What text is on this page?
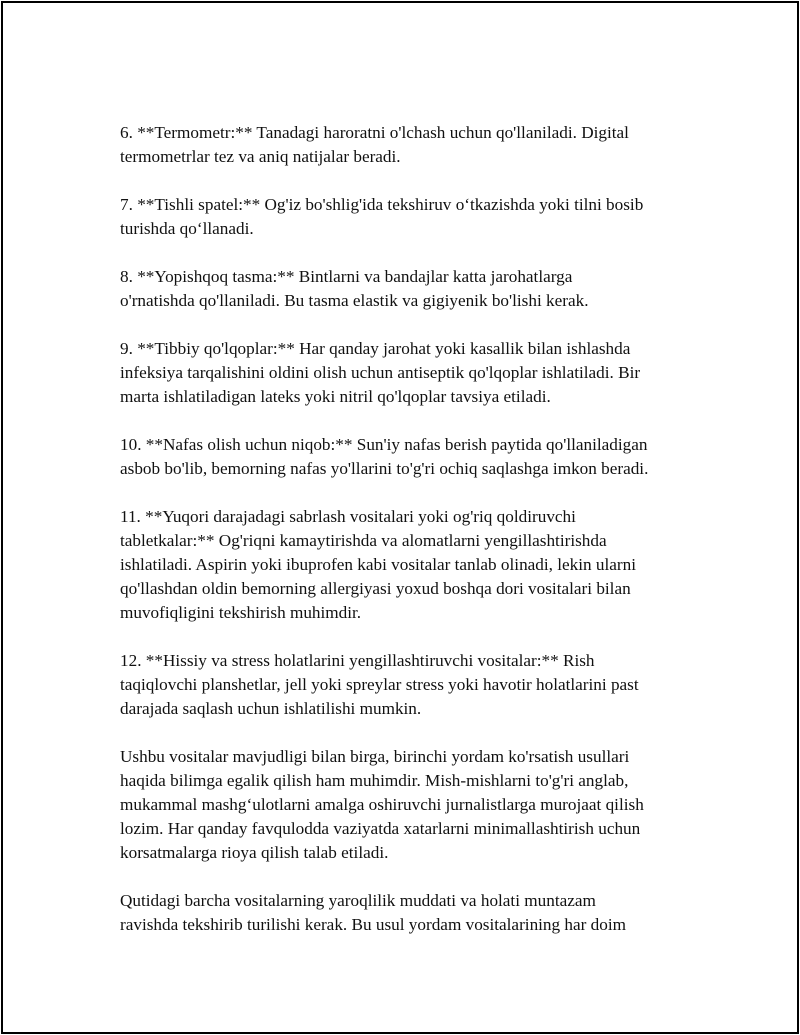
6. **Termometr:** Tanadagi haroratni o'lchash uchun qo'llaniladi. Digital
termometrlar tez va aniq natijalar beradi.

7. **Tishli spatel:** Og'iz bo'shlig'ida tekshiruv o‘tkazishda yoki tilni bosib
turishda qo‘llanadi.

8. **Yopishqoq tasma:** Bintlarni va bandajlar katta jarohatlarga
o'rnatishda qo'llaniladi. Bu tasma elastik va gigiyenik bo'lishi kerak.

9. **Tibbiy qo'lqoplar:** Har qanday jarohat yoki kasallik bilan ishlashda
infeksiya tarqalishini oldini olish uchun antiseptik qo'lqoplar ishlatiladi. Bir
marta ishlatiladigan lateks yoki nitril qo'lqoplar tavsiya etiladi.

10. **Nafas olish uchun niqob:** Sun'iy nafas berish paytida qo'llaniladigan
asbob bo'lib, bemorning nafas yo'llarini to'g'ri ochiq saqlashga imkon beradi.

11. **Yuqori darajadagi sabrlash vositalari yoki og'riq qoldiruvchi
tabletkalar:** Og'riqni kamaytirishda va alomatlarni yengillashtirishda
ishlatiladi. Aspirin yoki ibuprofen kabi vositalar tanlab olinadi, lekin ularni
qo'llashdan oldin bemorning allergiyasi yoxud boshqa dori vositalari bilan
muvofiqligini tekshirish muhimdir.

12. **Hissiy va stress holatlarini yengillashtiruvchi vositalar:** Rish
taqiqlovchi planshetlar, jell yoki spreylar stress yoki havotir holatlarini past
darajada saqlash uchun ishlatilishi mumkin.

Ushbu vositalar mavjudligi bilan birga, birinchi yordam ko'rsatish usullari
haqida bilimga egalik qilish ham muhimdir. Mish-mishlarni to'g'ri anglab,
mukammal mashg‘ulotlarni amalga oshiruvchi jurnalistlarga murojaat qilish
lozim. Har qanday favqulodda vaziyatda xatarlarni minimallashtirish uchun
korsatmalarga rioya qilish talab etiladi.

Qutidagi barcha vositalarning yaroqlilik muddati va holati muntazam
ravishda tekshirib turilishi kerak. Bu usul yordam vositalarining har doim
